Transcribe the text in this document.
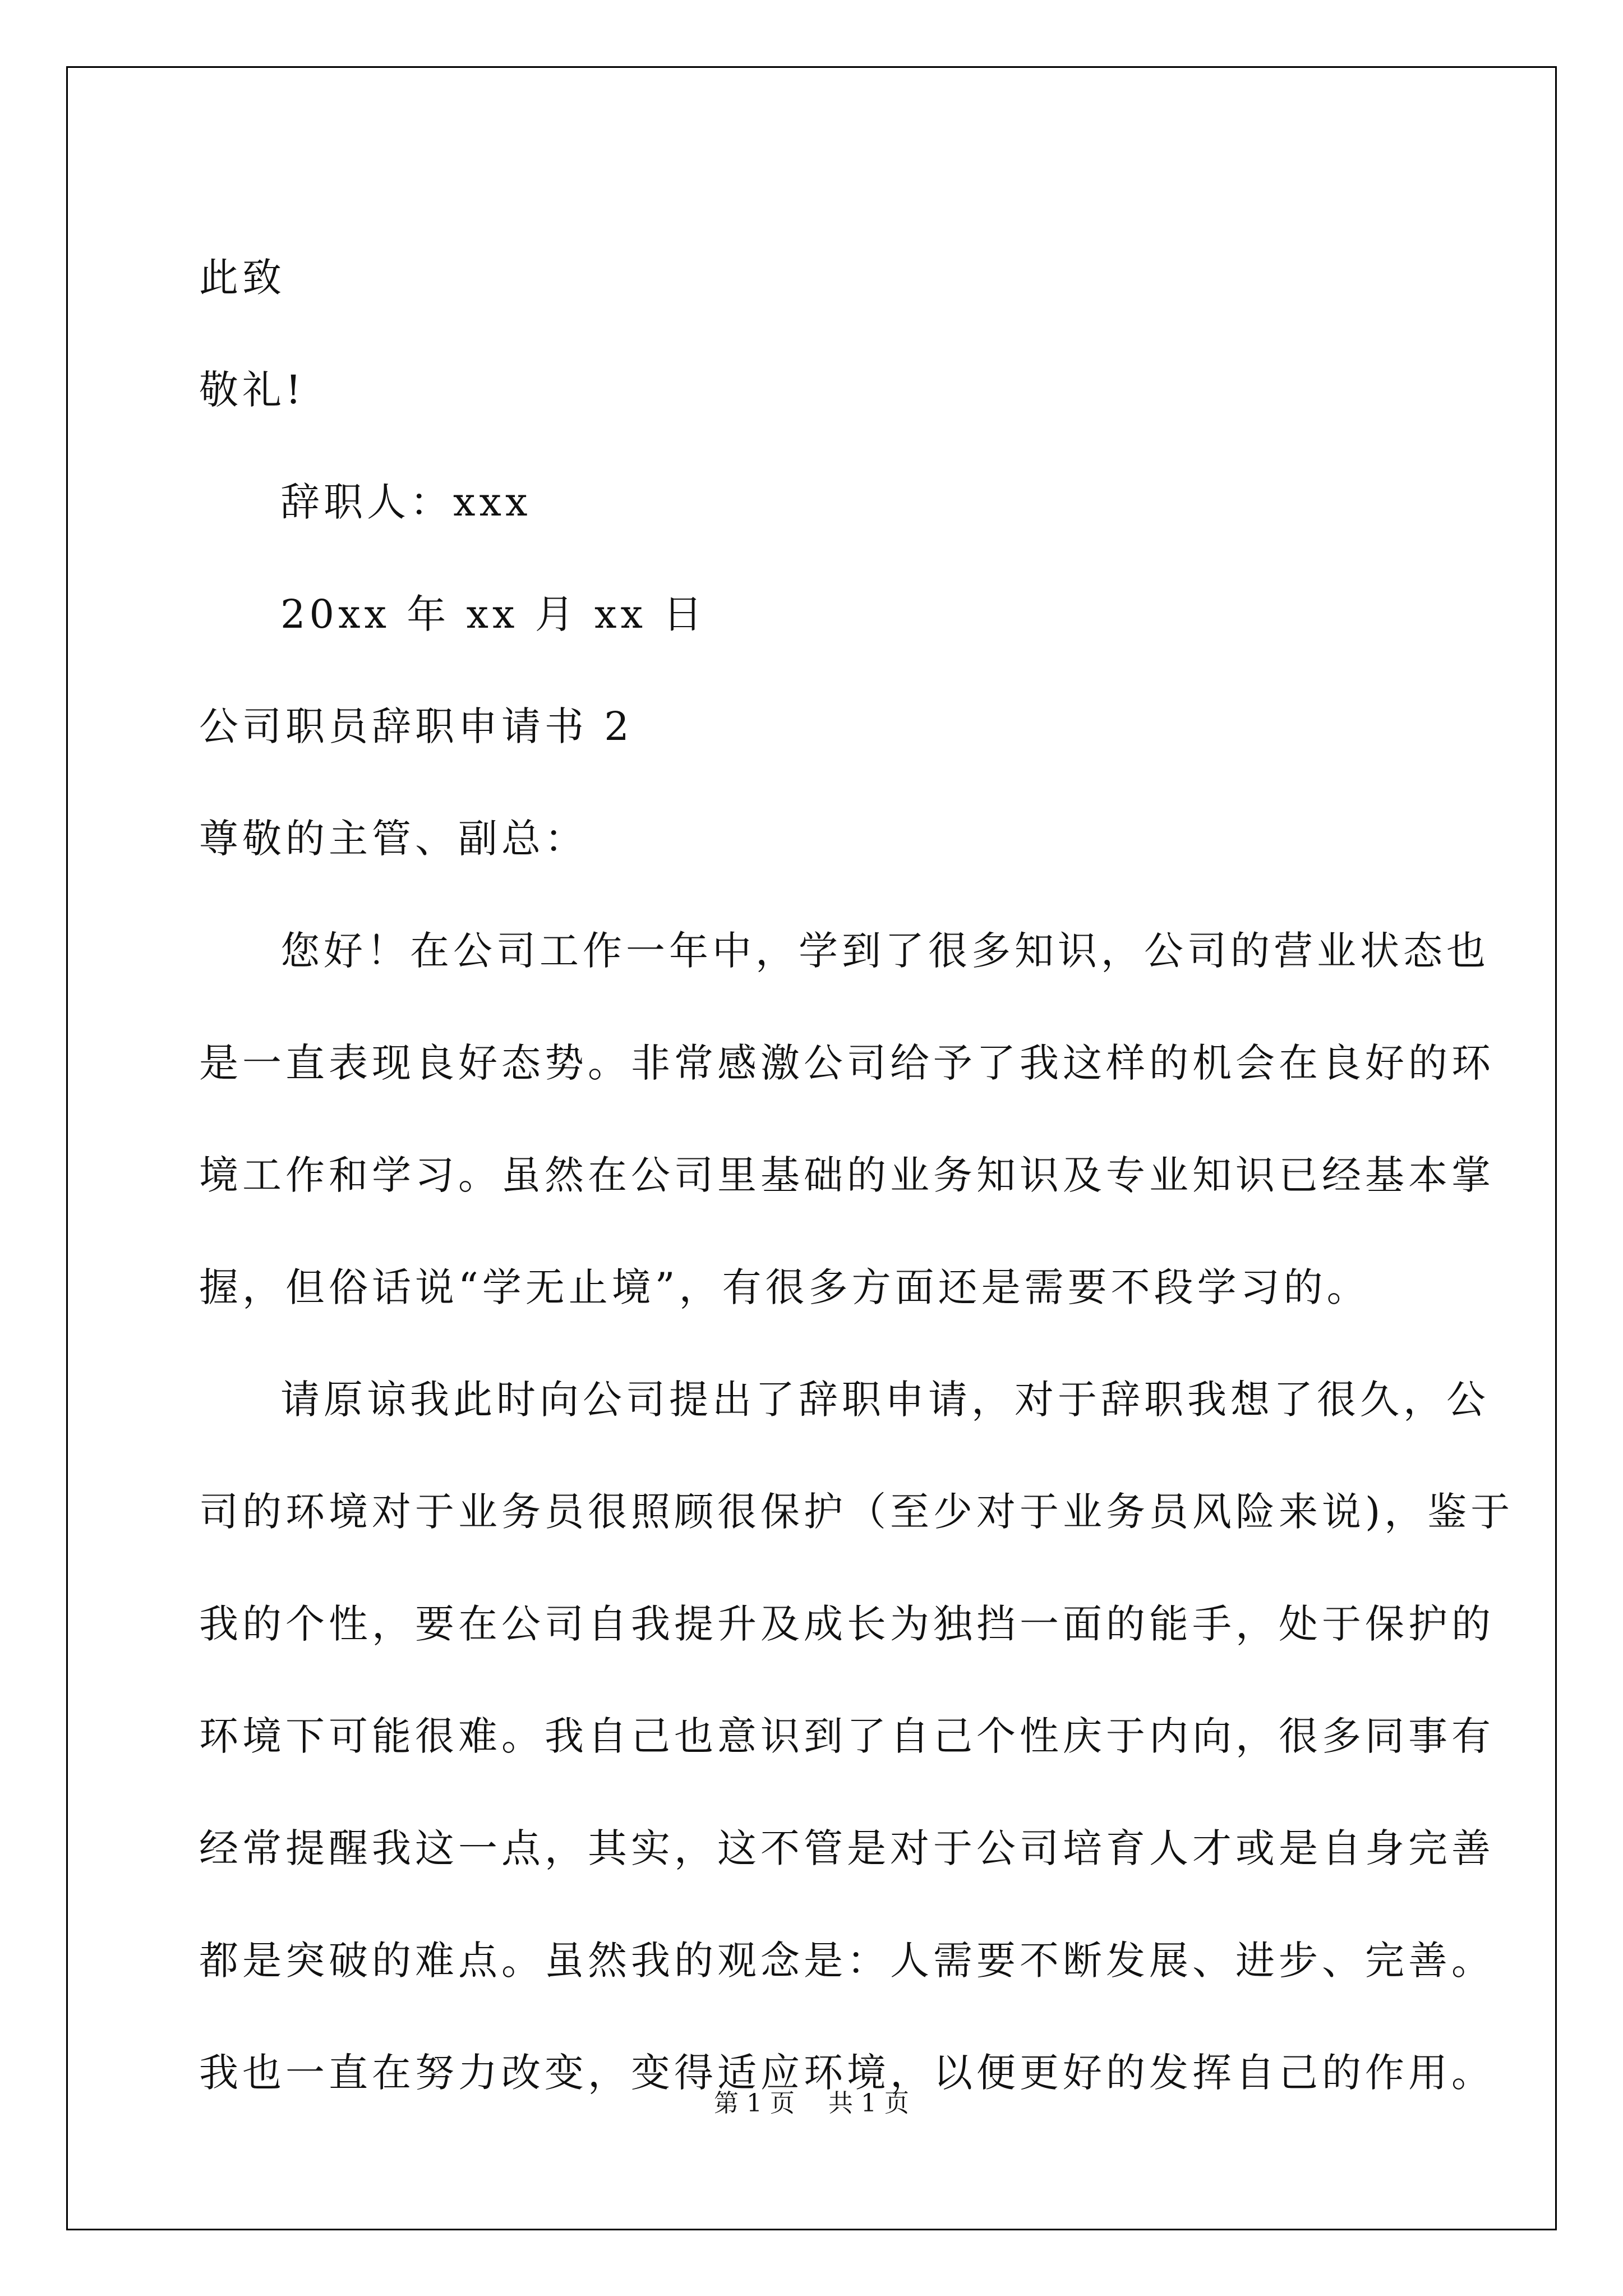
此致
敬礼!
辞职人：xxx
20xx 年 xx 月 xx 日
公司职员辞职申请书 2
尊敬的主管、副总：
您好！在公司工作一年中，学到了很多知识，公司的营业状态也
是一直表现良好态势。非常感激公司给予了我这样的机会在良好的环
境工作和学习。虽然在公司里基础的业务知识及专业知识已经基本掌
握，但俗话说“学无止境”，有很多方面还是需要不段学习的。
请原谅我此时向公司提出了辞职申请，对于辞职我想了很久，公
司的环境对于业务员很照顾很保护（至少对于业务员风险来说)，鉴于
我的个性，要在公司自我提升及成长为独挡一面的能手，处于保护的
环境下可能很难。我自己也意识到了自己个性庆于内向，很多同事有
经常提醒我这一点，其实，这不管是对于公司培育人才或是自身完善
都是突破的难点。虽然我的观念是：人需要不断发展、进步、完善。
我也一直在努力改变，变得适应环境，以便更好的发挥自己的作用。
第 1 页 共 1 页
